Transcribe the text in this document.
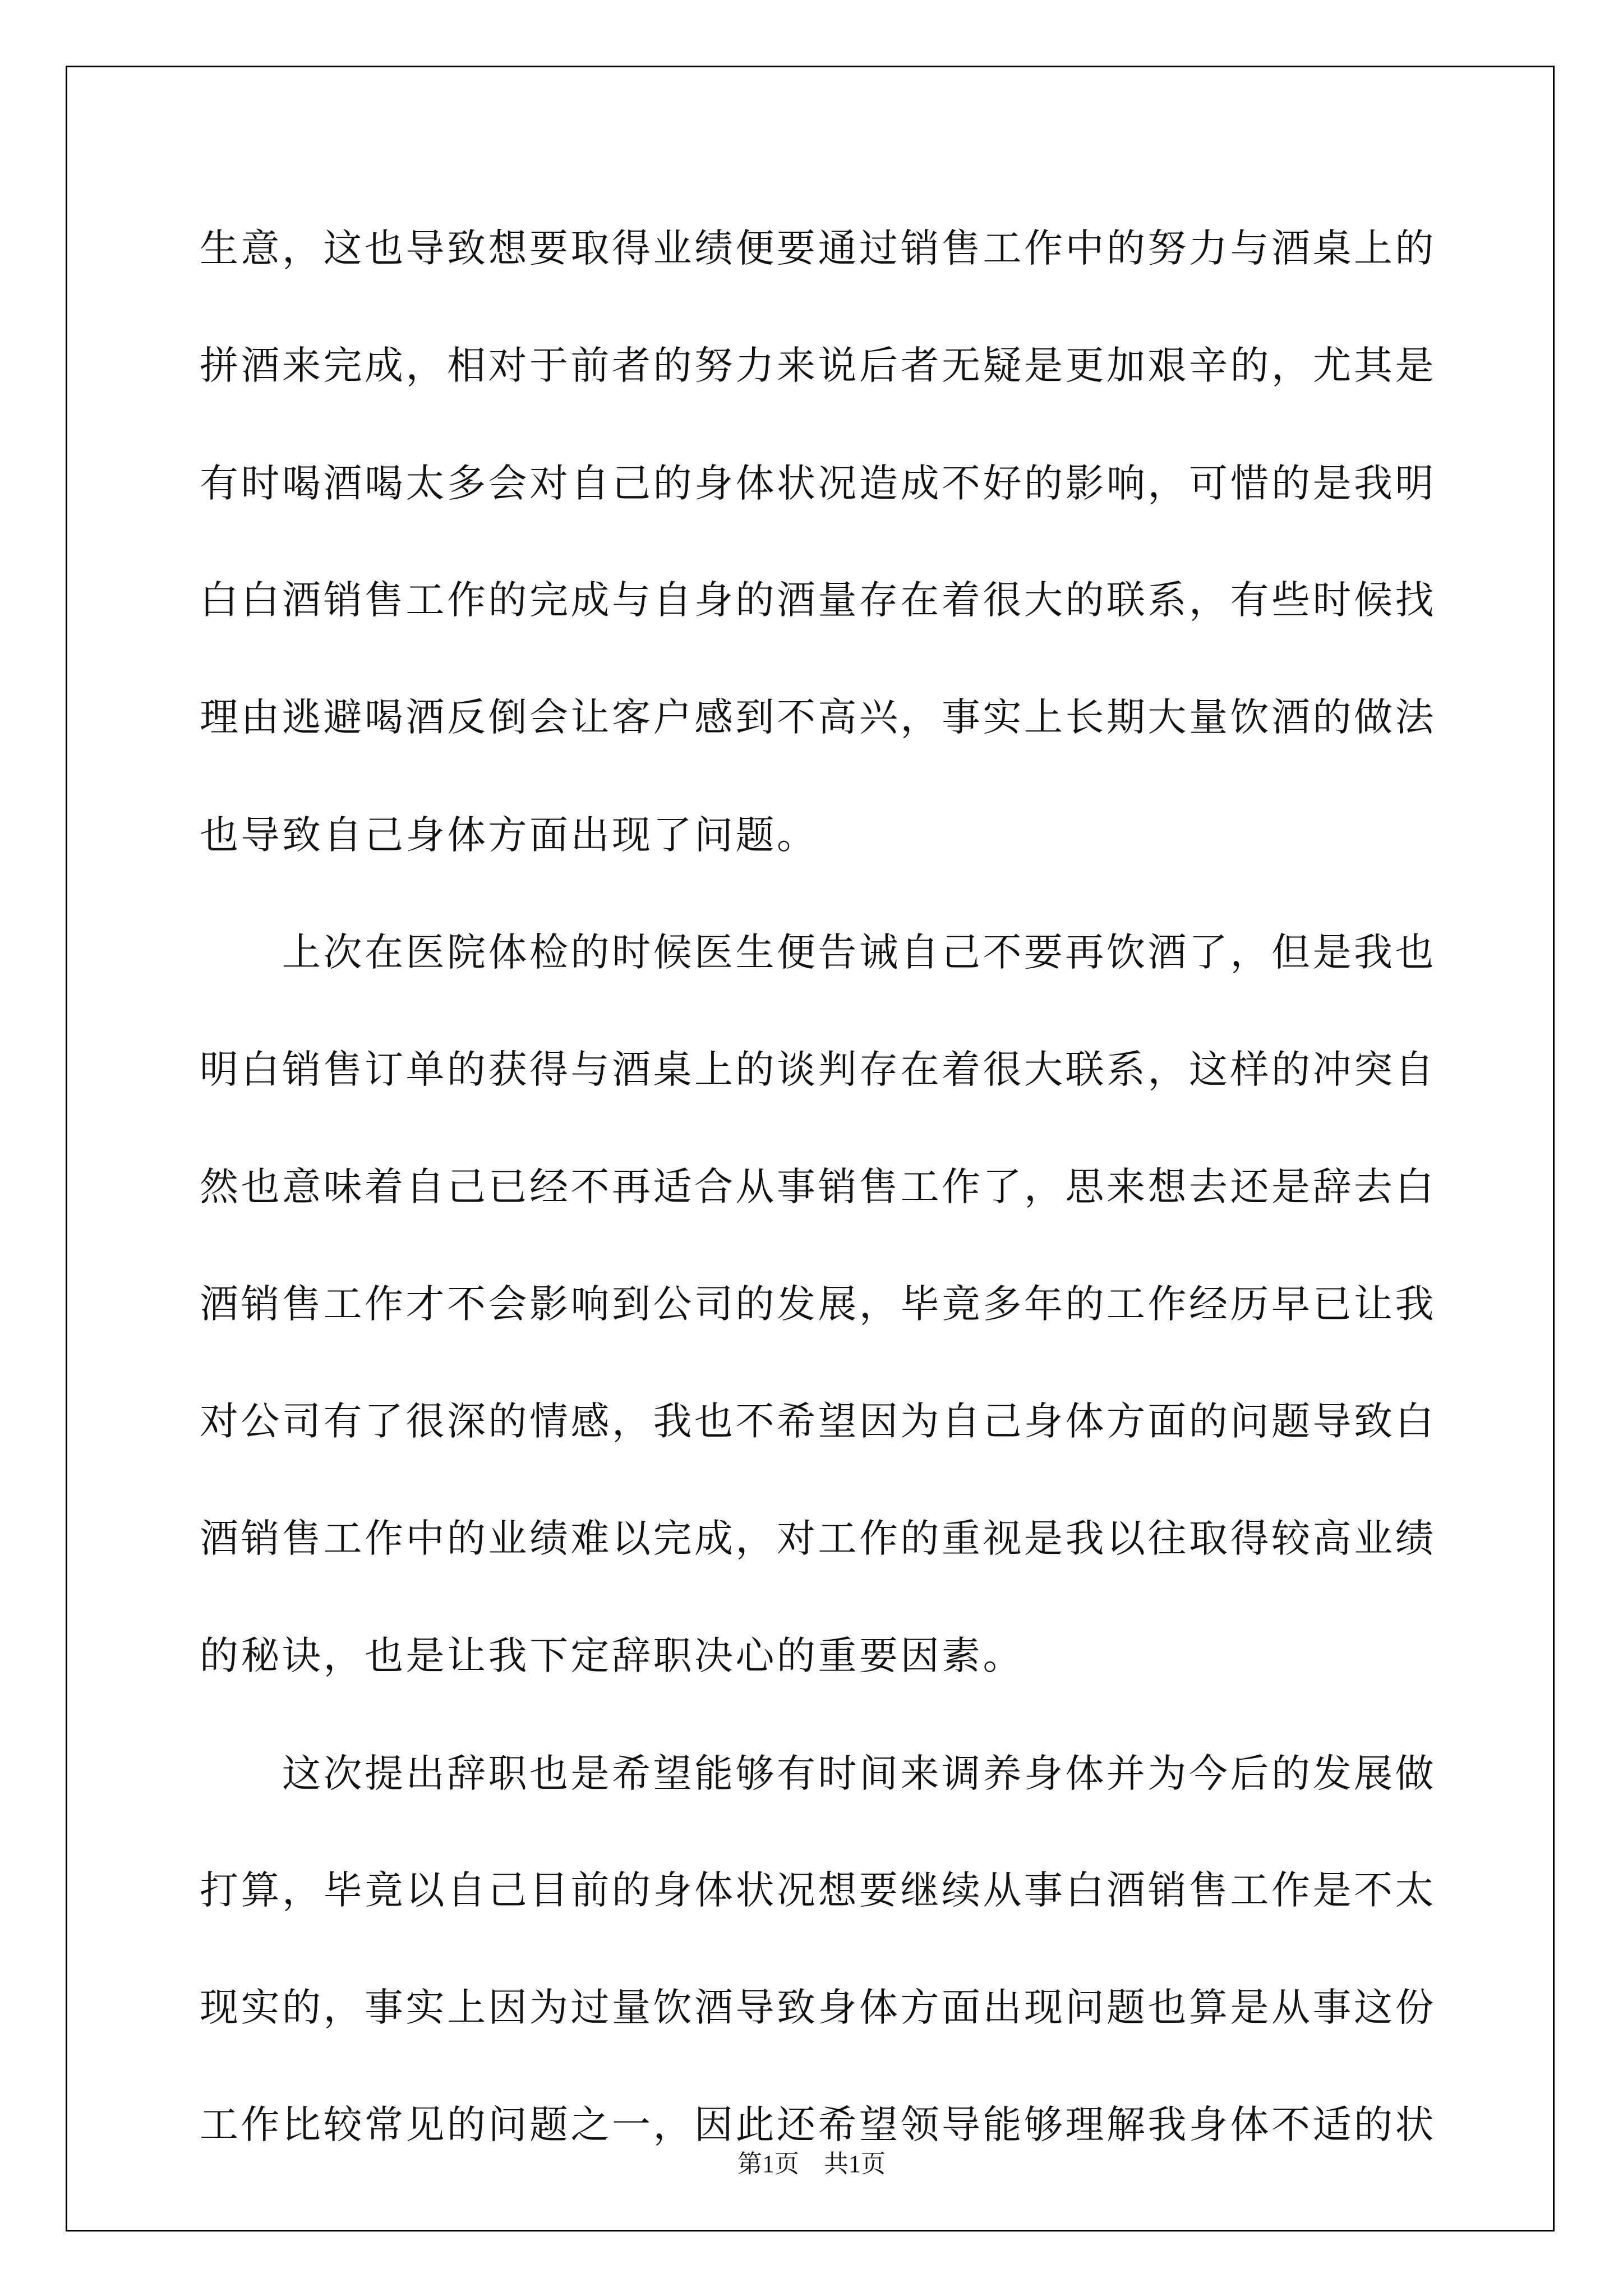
生意，这也导致想要取得业绩便要通过销售工作中的努力与酒桌上的
拼酒来完成，相对于前者的努力来说后者无疑是更加艰辛的，尤其是
有时喝酒喝太多会对自己的身体状况造成不好的影响，可惜的是我明
白白酒销售工作的完成与自身的酒量存在着很大的联系，有些时候找
理由逃避喝酒反倒会让客户感到不高兴，事实上长期大量饮酒的做法
也导致自己身体方面出现了问题。
　　上次在医院体检的时候医生便告诫自己不要再饮酒了，但是我也
明白销售订单的获得与酒桌上的谈判存在着很大联系，这样的冲突自
然也意味着自己已经不再适合从事销售工作了，思来想去还是辞去白
酒销售工作才不会影响到公司的发展，毕竟多年的工作经历早已让我
对公司有了很深的情感，我也不希望因为自己身体方面的问题导致白
酒销售工作中的业绩难以完成，对工作的重视是我以往取得较高业绩
的秘诀，也是让我下定辞职决心的重要因素。
　　这次提出辞职也是希望能够有时间来调养身体并为今后的发展做
打算，毕竟以自己目前的身体状况想要继续从事白酒销售工作是不太
现实的，事实上因为过量饮酒导致身体方面出现问题也算是从事这份
工作比较常见的问题之一，因此还希望领导能够理解我身体不适的状
第1页 共1页
